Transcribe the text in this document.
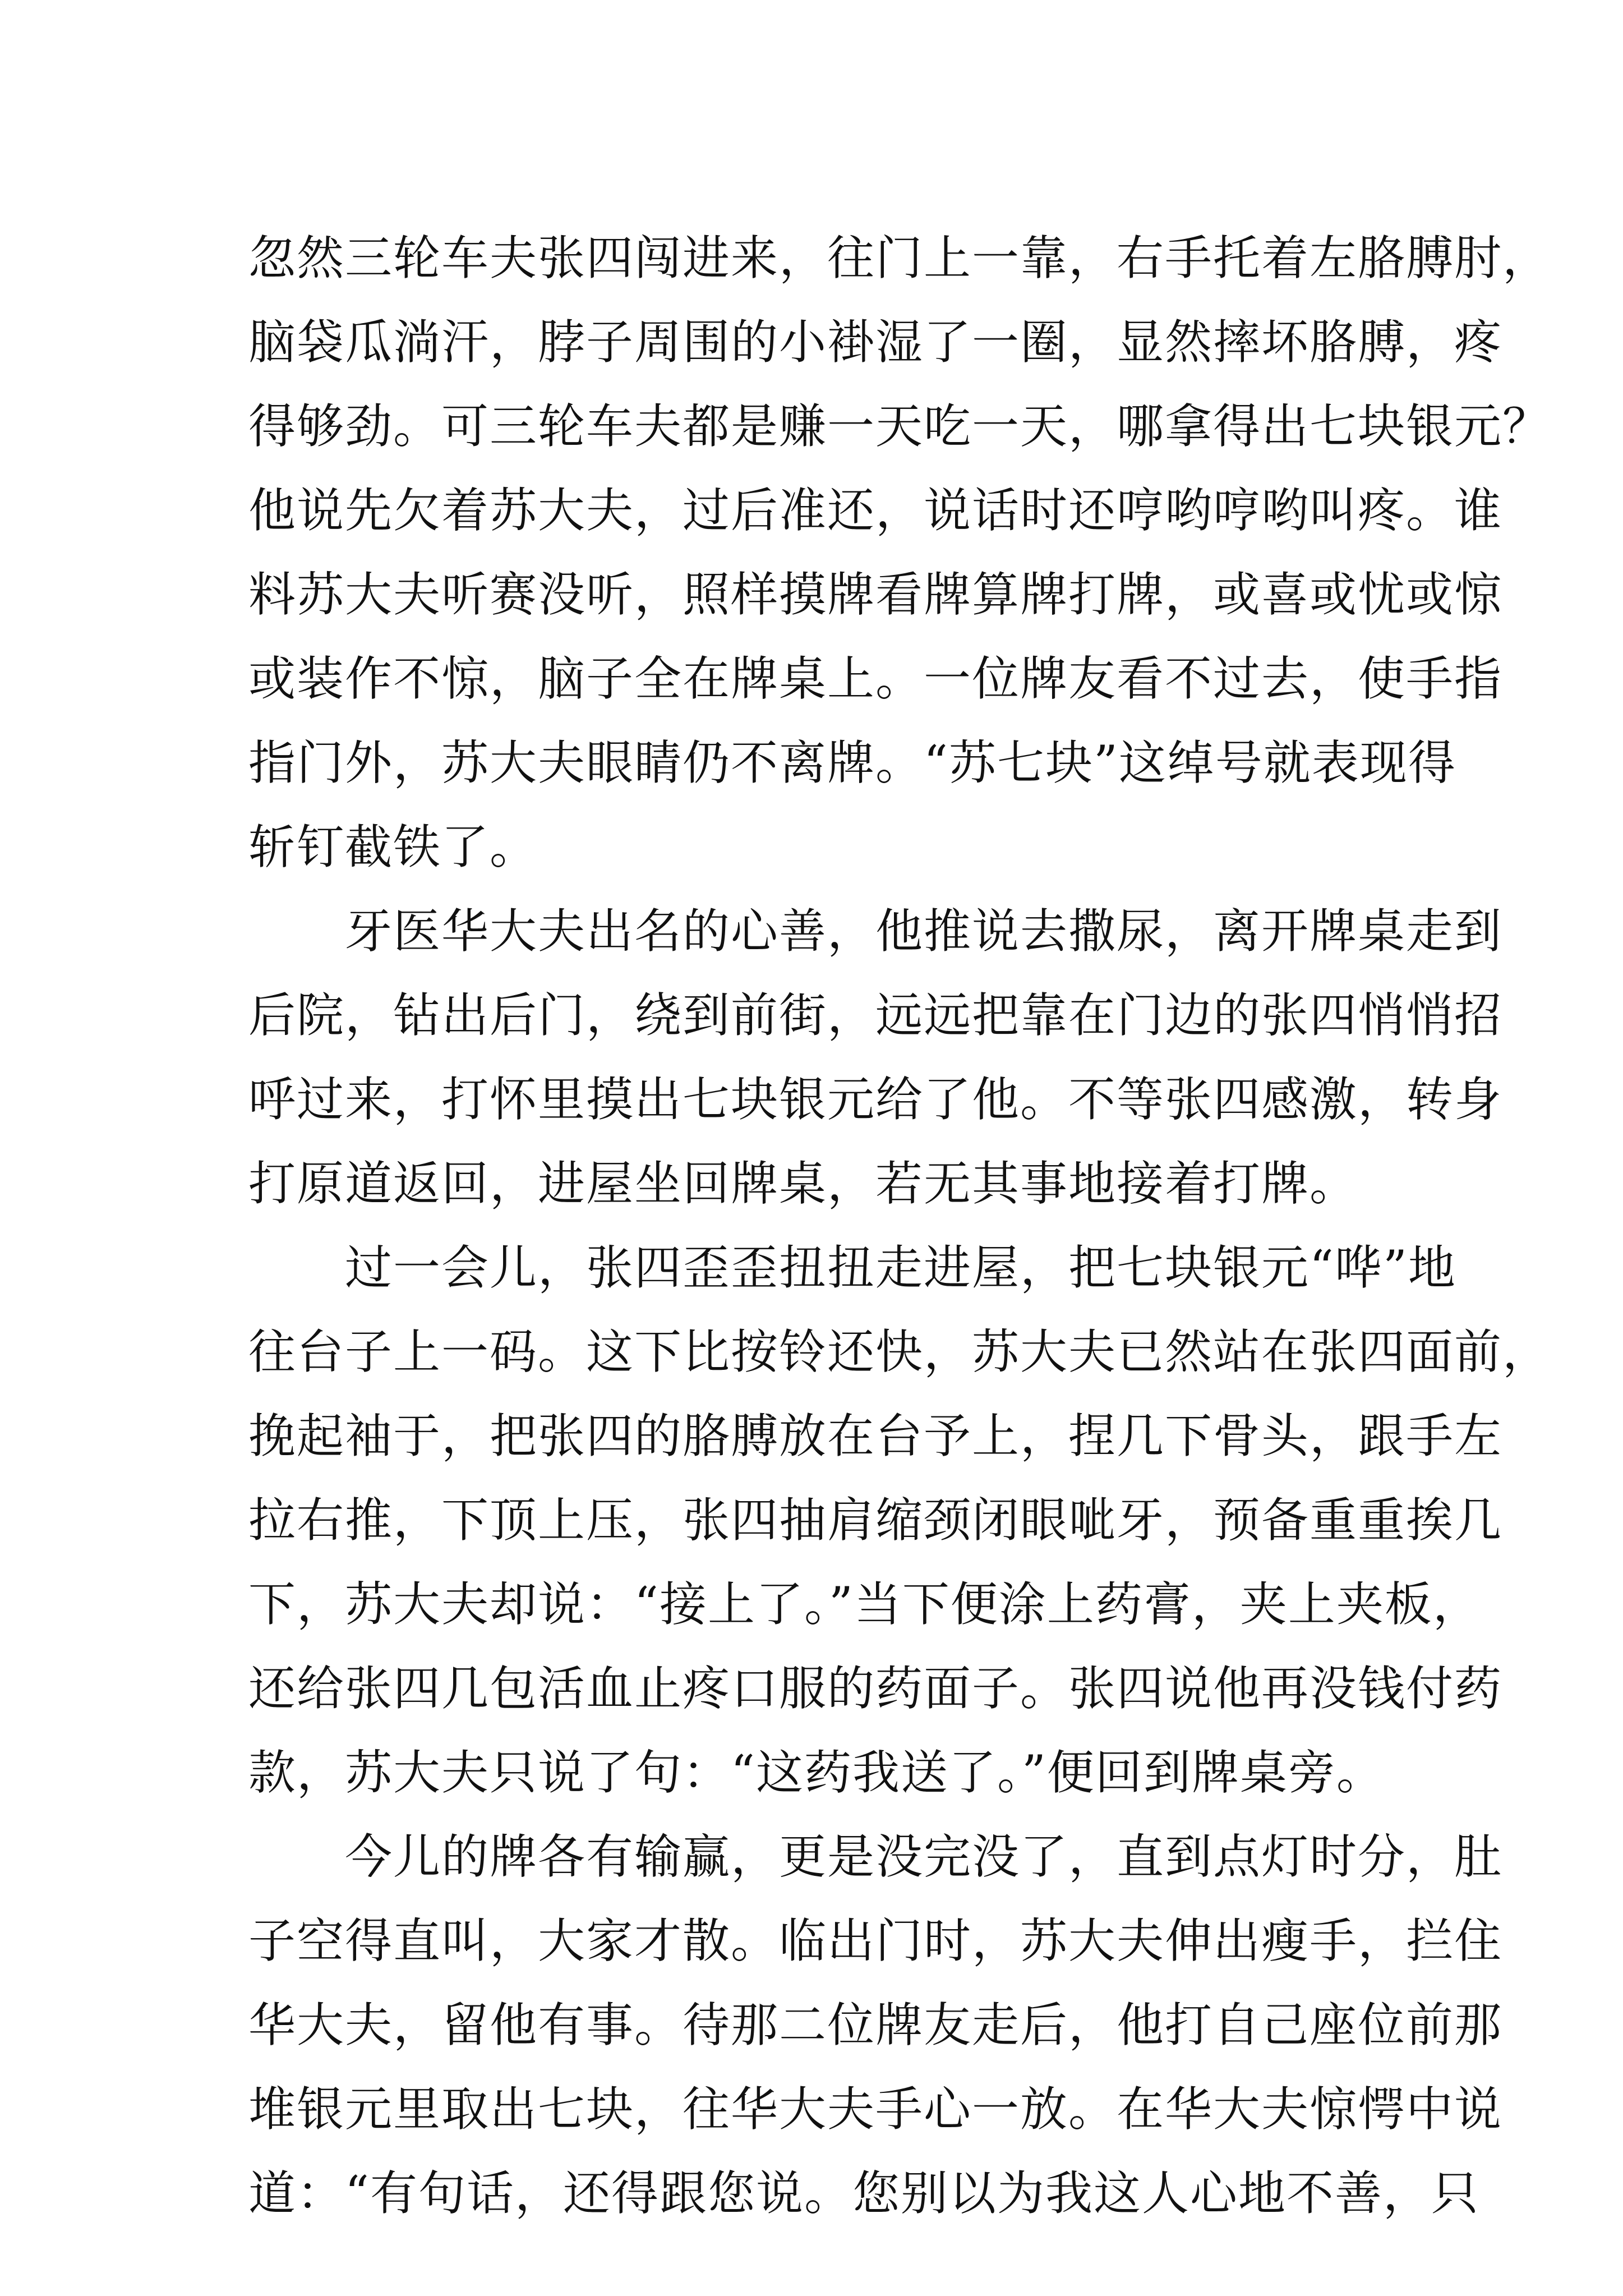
忽然三轮车夫张四闯进来，往门上一靠，右手托着左胳膊肘，
脑袋瓜淌汗，脖子周围的小褂湿了一圈，显然摔坏胳膊，疼
得够劲。可三轮车夫都是赚一天吃一天，哪拿得出七块银元？
他说先欠着苏大夫，过后准还，说话时还哼哟哼哟叫疼。谁
料苏大夫听赛没听，照样摸牌看牌算牌打牌，或喜或忧或惊
或装作不惊，脑子全在牌桌上。一位牌友看不过去，使手指
指门外，苏大夫眼睛仍不离牌。“苏七块”这绰号就表现得
斩钉截铁了。
牙医华大夫出名的心善，他推说去撒尿，离开牌桌走到
后院，钻出后门，绕到前街，远远把靠在门边的张四悄悄招
呼过来，打怀里摸出七块银元给了他。不等张四感激，转身
打原道返回，进屋坐回牌桌，若无其事地接着打牌。
过一会儿，张四歪歪扭扭走进屋，把七块银元“哗”地
往台子上一码。这下比按铃还快，苏大夫已然站在张四面前，
挽起袖于，把张四的胳膊放在台予上，捏几下骨头，跟手左
拉右推，下顶上压，张四抽肩缩颈闭眼呲牙，预备重重挨几
下，苏大夫却说：“接上了。”当下便涂上药膏，夹上夹板，
还给张四几包活血止疼口服的药面子。张四说他再没钱付药
款，苏大夫只说了句：“这药我送了。”便回到牌桌旁。
今儿的牌各有输赢，更是没完没了，直到点灯时分，肚
子空得直叫，大家才散。临出门时，苏大夫伸出瘦手，拦住
华大夫，留他有事。待那二位牌友走后，他打自己座位前那
堆银元里取出七块，往华大夫手心一放。在华大夫惊愕中说
道：“有句话，还得跟您说。您别以为我这人心地不善，只
